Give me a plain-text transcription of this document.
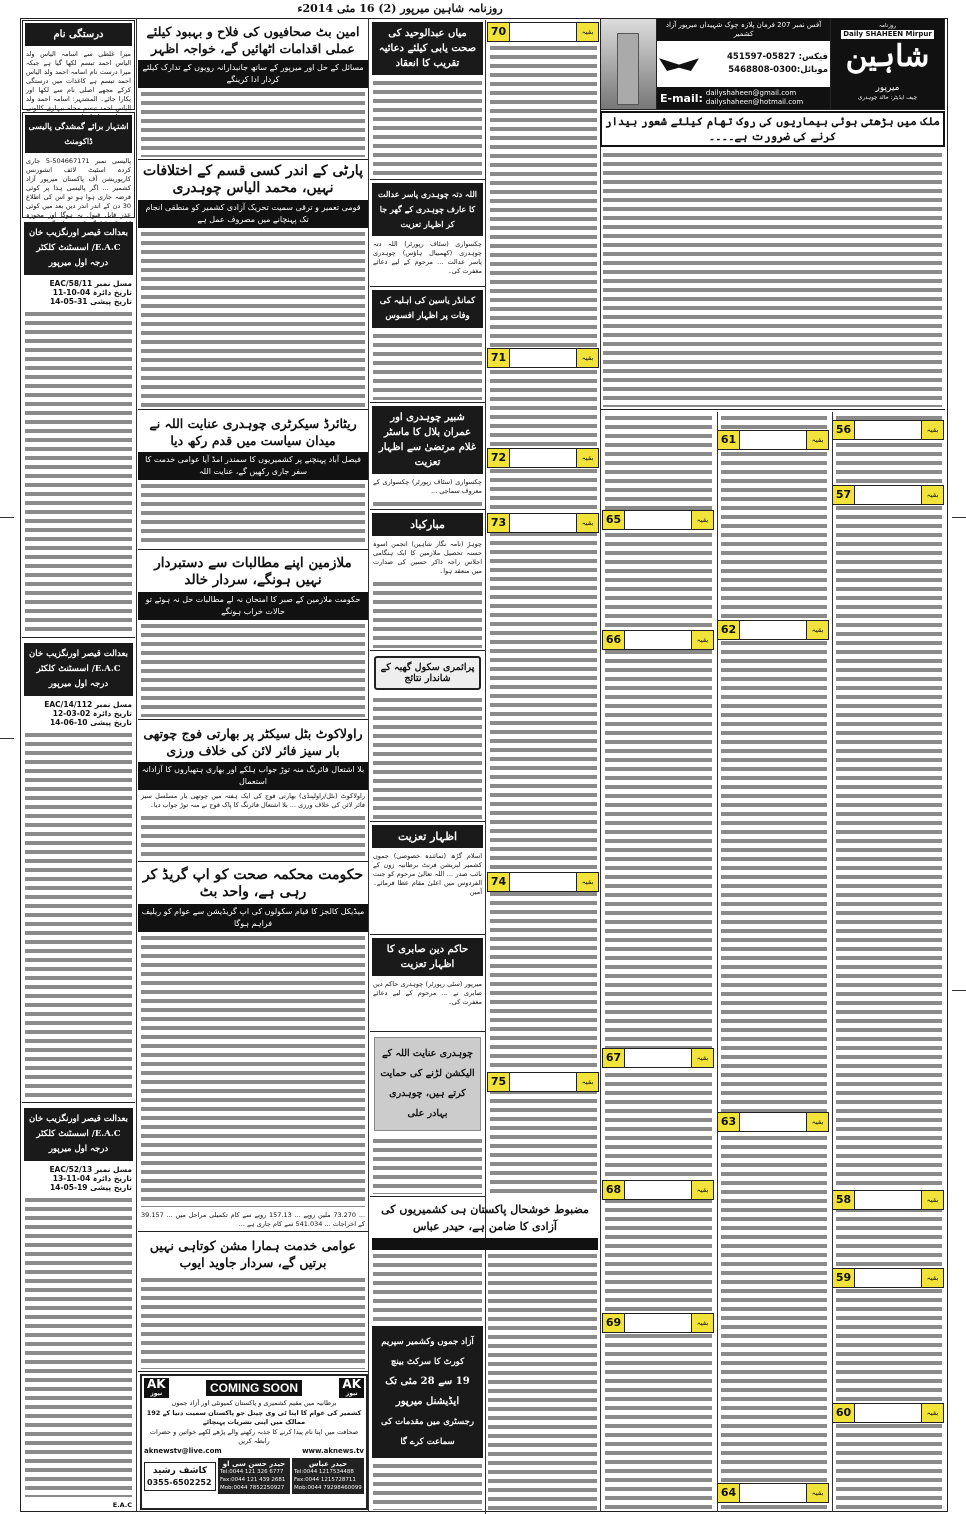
روزنامہ شاہین میرپور (2) 16 مئی 2014ء
آفس نمبر 207 فرمان پلازہ چوک شہیداں میرپور آزاد کشمیر
فیکس: 05827-451597
موبائل:0300-5468808
E-mail: dailyshaheen@gmail.com
dailyshaheen@hotmail.com
روزنامہ
Daily SHAHEEN Mirpur
شاہین میرپور
چیف ایڈیٹر: خالد چوہدری
ملک میں بڑھتی ہوئی بیماریوں کی روک تھام کیلئے شعور بیدار کرنے کی ضرورت ہے۔۔۔۔
درستگی نام
میرا غلطی سے اسامہ الیاس ولد الیاس احمد تبسم لکھا گیا ہے جبکہ میرا درست نام اسامہ احمد ولد الیاس احمد تبسم ہے کاغذات میں درستگی کرکے مجھے اصلی نام سے لکھا اور پکارا جائے۔ المشتہر: اسامہ احمد ولد الیاس احمد تبسم محلہ بیہاری کالونی
اشتہار برائے گمشدگی پالیسی ڈاکومنٹ
پالیسی نمبر 504667171-5 جاری کردہ اسٹیٹ لائف انشورنس کارپوریشن آف پاکستان میرپور آزاد کشمیر ... اگر پالیسی ہذا پر کوئی قرضہ جاری ہوا ہو تو اس کی اطلاع 30 دن کے اندر اندر دیں بعد میں کوئی عذر قابل قبول نہ ہوگا اور مجوزہ
بعدالت قیصر اورنگزیب خان E.A.C/ اسسٹنٹ کلکٹر درجہ اول میرپور
مسل نمبر EAC/58/11
تاریخ دائرہ 04-10-11
تاریخ پیشی 31-05-14
بعدالت قیصر اورنگزیب خان E.A.C/ اسسٹنٹ کلکٹر درجہ اول میرپور
مسل نمبر EAC/14/112
تاریخ دائرہ 02-03-12
تاریخ پیشی 10-06-14
بعدالت قیصر اورنگزیب خان E.A.C/ اسسٹنٹ کلکٹر درجہ اول میرپور
مسل نمبر EAC/52/13
تاریخ دائرہ 04-11-13
تاریخ پیشی 19-05-14
E.A.C
امین بٹ صحافیوں کی فلاح و بہبود کیلئے عملی اقدامات اٹھائیں گے، خواجہ اظہر
مسائل کے حل اور میرپور کے ساتھ جانبدارانہ رویوں کے تدارک کیلئے کردار ادا کرینگے
پارٹی کے اندر کسی قسم کے اختلافات نہیں، محمد الیاس چوہدری
قومی تعمیر و ترقی سمیت تحریک آزادی کشمیر کو منطقی انجام تک پہنچانے میں مصروف عمل ہے
ریٹائرڈ سیکرٹری چوہدری عنایت اللہ نے میدان سیاست میں قدم رکھ دیا
فیصل آباد پہنچنے پر کشمیریوں کا سمندر امڈ آیا عوامی خدمت کا سفر جاری رکھیں گے، عنایت اللہ
ملازمین اپنے مطالبات سے دستبردار نہیں ہونگے، سردار خالد
حکومت ملازمین کے صبر کا امتحان نہ لے مطالبات حل نہ ہوئے تو حالات خراب ہونگے
راولاکوٹ بٹل سیکٹر پر بھارتی فوج چوتھی بار سیز فائر لائن کی خلاف ورزی
بلا اشتعال فائرنگ منہ توڑ جواب ہلکے اور بھاری ہتھیاروں کا آزادانہ استعمال
راولاکوٹ (بٹل/راولپنڈی) بھارتی فوج کی ایک ہفتہ میں چوتھی بار مسلسل سیز فائر لائن کی خلاف ورزی ... بلا اشتعال فائرنگ کا پاک فوج نے منہ توڑ جواب دیا۔
حکومت محکمہ صحت کو اپ گریڈ کر رہی ہے، واحد بٹ
میڈیکل کالجز کا قیام سکولوں کی اپ گریڈیشن سے عوام کو ریلیف فراہم ہوگا
... 73.270 ملین روپے ... 157.13 روپے سے کام تکمیلی مراحل میں ... 39.157 کے اخراجات ... 541.034 سے کام جاری ہے ...
عوامی خدمت ہمارا مشن کوتاہی نہیں برتیں گے، سردار جاوید ایوب
AK
نیوز
COMING SOON
AK
نیوز
برطانیہ میں مقیم کشمیری و پاکستان کمیونٹی اور آزاد جموں
کشمیر کی عوام کا اپنا ٹی وی چینل جو پاکستان سمیت دنیا کے 192 ممالک میں اپنی نشریات پہنچائے
صحافت میں اپنا نام پیدا کرنے کا جذبہ رکھنے والے پڑھے لکھے خواتین و حضرات رابطہ کریں
aknewstv@live.com	www.aknews.tv
حیدر عباس
Tel:0044 1217534488
Fax:0044 1215728711
Mob:0044 79298460099
حیدر حسن سی او
Tel:0044 121 326 6777
Fax:0044 121 439 2681
Mob:0044 7852250927
کاشف رشید
0355-6502252
میاں عبدالوحید کی صحت یابی کیلئے دعائیہ تقریب کا انعقاد
اللہ دتہ چوہدری پاسر عدالت کا عارف چوہدری کے گھر جا کر اظہار تعزیت
چکسواری (سٹاف رپورٹر) اللہ دتہ چوہدری (کھمبیال ہاؤس) چوہدری پاسر عدالت ... مرحوم کے لیے دعائے مغفرت کی۔
کمانڈر یاسین کی اہلیہ کی وفات پر اظہار افسوس
شبیر چوہدری اور عمران بلال کا ماسٹر غلام مرتضیٰ سے اظہار تعزیت
چکسواری (سٹاف رپورٹر) چکسواری کے معروف سماجی ...
مبارکباد
چوہڑ (نامہ نگار شاہین) انجمن اسوہ حسنہ تحصیل ملازمین کا ایک ہنگامی اجلاس راجہ ذاکر حسین کی صدارت میں منعقد ہوا۔
پرائمری سکول گھبہ کے شاندار نتائج
اظہار تعزیت
اسلام گڑھ (نمائندہ خصوصی) جموں کشمیر لبریشن فرنٹ برطانیہ زون کے نائب صدر ... اللہ تعالیٰ مرحوم کو جنت الفردوس میں اعلیٰ مقام عطا فرمائے۔ آمین
حاکم دین صابری کا اظہار تعزیت
میرپور (سٹی رپورٹر) چوہدری حاکم دین صابری نے ... مرحوم کے لیے دعائے مغفرت کی۔
چوہدری عنایت اللہ کے الیکشن لڑنے کی حمایت کرتے ہیں، چوہدری بہادر علی
مضبوط خوشحال پاکستان ہی کشمیریوں کی آزادی کا ضامن ہے، حیدر عباس
آزاد جموں وکشمیر سپریم کورٹ کا سرکٹ بینچ
19 سے 28 مئی تک ایڈیشنل میرپور
رجسٹری میں مقدمات کی سماعت کرے گا
56	بقیہ
57	بقیہ
58	بقیہ
59	بقیہ
60	بقیہ
61	بقیہ
62	بقیہ
63	بقیہ
64	بقیہ
65	بقیہ
66	بقیہ
67	بقیہ
68	بقیہ
69	بقیہ
70	بقیہ
71	بقیہ
72	بقیہ
73	بقیہ
74	بقیہ
75	بقیہ
